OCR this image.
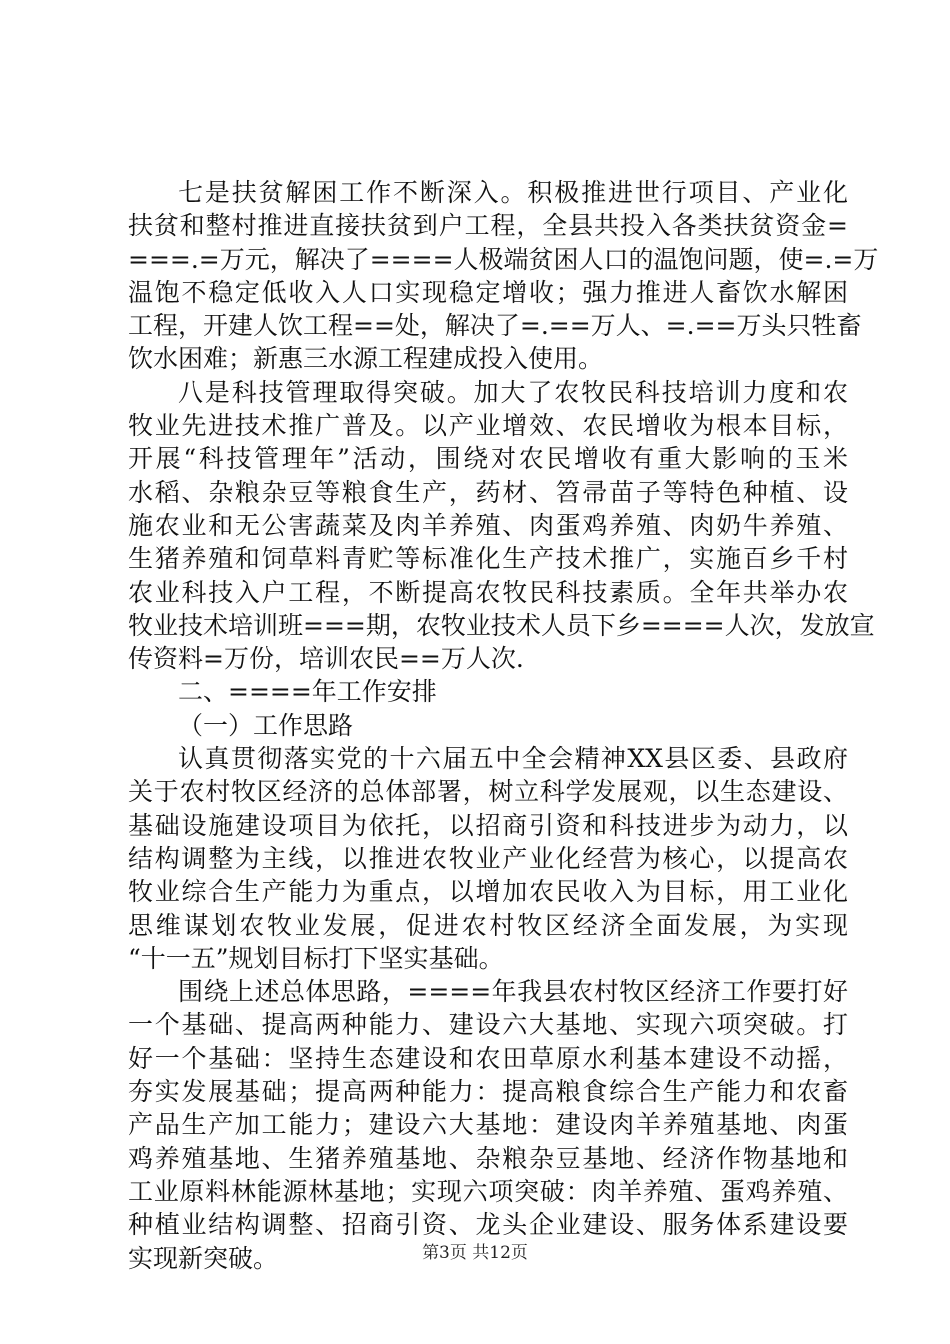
七是扶贫解困工作不断深入。积极推进世行项目、产业化
扶贫和整村推进直接扶贫到户工程，全县共投入各类扶贫资金=
===.=万元，解决了====人极端贫困人口的温饱问题，使=.=万
温饱不稳定低收入人口实现稳定增收；强力推进人畜饮水解困
工程，开建人饮工程==处，解决了=.==万人、=.==万头只牲畜
饮水困难；新惠三水源工程建成投入使用。
八是科技管理取得突破。加大了农牧民科技培训力度和农
牧业先进技术推广普及。以产业增效、农民增收为根本目标，
开展“科技管理年”活动，围绕对农民增收有重大影响的玉米
水稻、杂粮杂豆等粮食生产，药材、笤帚苗子等特色种植、设
施农业和无公害蔬菜及肉羊养殖、肉蛋鸡养殖、肉奶牛养殖、
生猪养殖和饲草料青贮等标准化生产技术推广，实施百乡千村
农业科技入户工程，不断提高农牧民科技素质。全年共举办农
牧业技术培训班===期，农牧业技术人员下乡====人次，发放宣
传资料=万份，培训农民==万人次.
二、====年工作安排
（一）工作思路
认真贯彻落实党的十六届五中全会精神XX县区委、县政府
关于农村牧区经济的总体部署，树立科学发展观，以生态建设、
基础设施建设项目为依托，以招商引资和科技进步为动力，以
结构调整为主线，以推进农牧业产业化经营为核心，以提高农
牧业综合生产能力为重点，以增加农民收入为目标，用工业化
思维谋划农牧业发展，促进农村牧区经济全面发展，为实现
“十一五”规划目标打下坚实基础。
围绕上述总体思路，====年我县农村牧区经济工作要打好
一个基础、提高两种能力、建设六大基地、实现六项突破。打
好一个基础：坚持生态建设和农田草原水利基本建设不动摇，
夯实发展基础；提高两种能力：提高粮食综合生产能力和农畜
产品生产加工能力；建设六大基地：建设肉羊养殖基地、肉蛋
鸡养殖基地、生猪养殖基地、杂粮杂豆基地、经济作物基地和
工业原料林能源林基地；实现六项突破：肉羊养殖、蛋鸡养殖、
种植业结构调整、招商引资、龙头企业建设、服务体系建设要
实现新突破。	第3页 共12页
